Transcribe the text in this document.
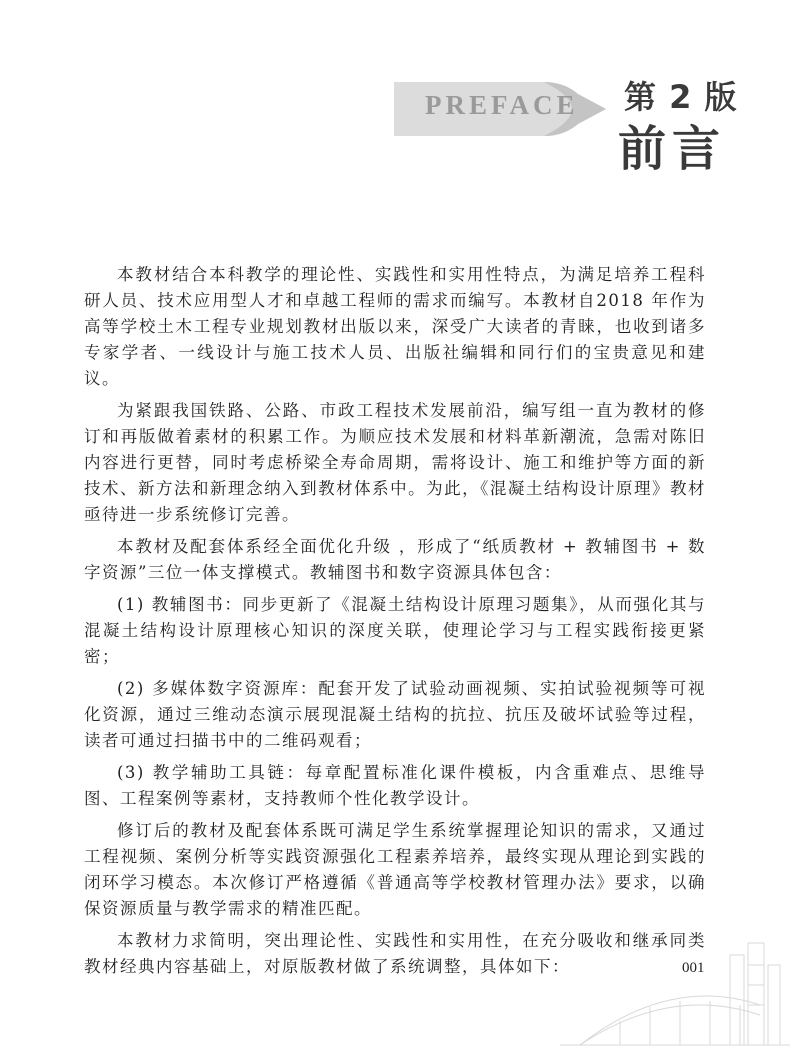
PREFACE 第 2 版
前言

本教材结合本科教学的理论性、实践性和实用性特点，为满足培养工程科研人员、技术应用型人才和卓越工程师的需求而编写。本教材自2018 年作为高等学校土木工程专业规划教材出版以来，深受广大读者的青睐，也收到诸多专家学者、一线设计与施工技术人员、出版社编辑和同行们的宝贵意见和建议。

为紧跟我国铁路、公路、市政工程技术发展前沿，编写组一直为教材的修订和再版做着素材的积累工作。为顺应技术发展和材料革新潮流，急需对陈旧内容进行更替，同时考虑桥梁全寿命周期，需将设计、施工和维护等方面的新技术、新方法和新理念纳入到教材体系中。为此，《混凝土结构设计原理》教材亟待进一步系统修订完善。

本教材及配套体系经全面优化升级 ，形成了“纸质教材 + 教辅图书 + 数字资源”三位一体支撑模式。教辅图书和数字资源具体包含：

(1) 教辅图书：同步更新了《混凝土结构设计原理习题集》，从而强化其与混凝土结构设计原理核心知识的深度关联，使理论学习与工程实践衔接更紧密；

(2) 多媒体数字资源库：配套开发了试验动画视频、实拍试验视频等可视化资源，通过三维动态演示展现混凝土结构的抗拉、抗压及破坏试验等过程，读者可通过扫描书中的二维码观看；

(3) 教学辅助工具链：每章配置标准化课件模板，内含重难点、思维导图、工程案例等素材，支持教师个性化教学设计。

修订后的教材及配套体系既可满足学生系统掌握理论知识的需求，又通过工程视频、案例分析等实践资源强化工程素养培养，最终实现从理论到实践的闭环学习模态。本次修订严格遵循《普通高等学校教材管理办法》要求，以确保资源质量与教学需求的精准匹配。

本教材力求简明，突出理论性、实践性和实用性，在充分吸收和继承同类教材经典内容基础上，对原版教材做了系统调整，具体如下：	001
